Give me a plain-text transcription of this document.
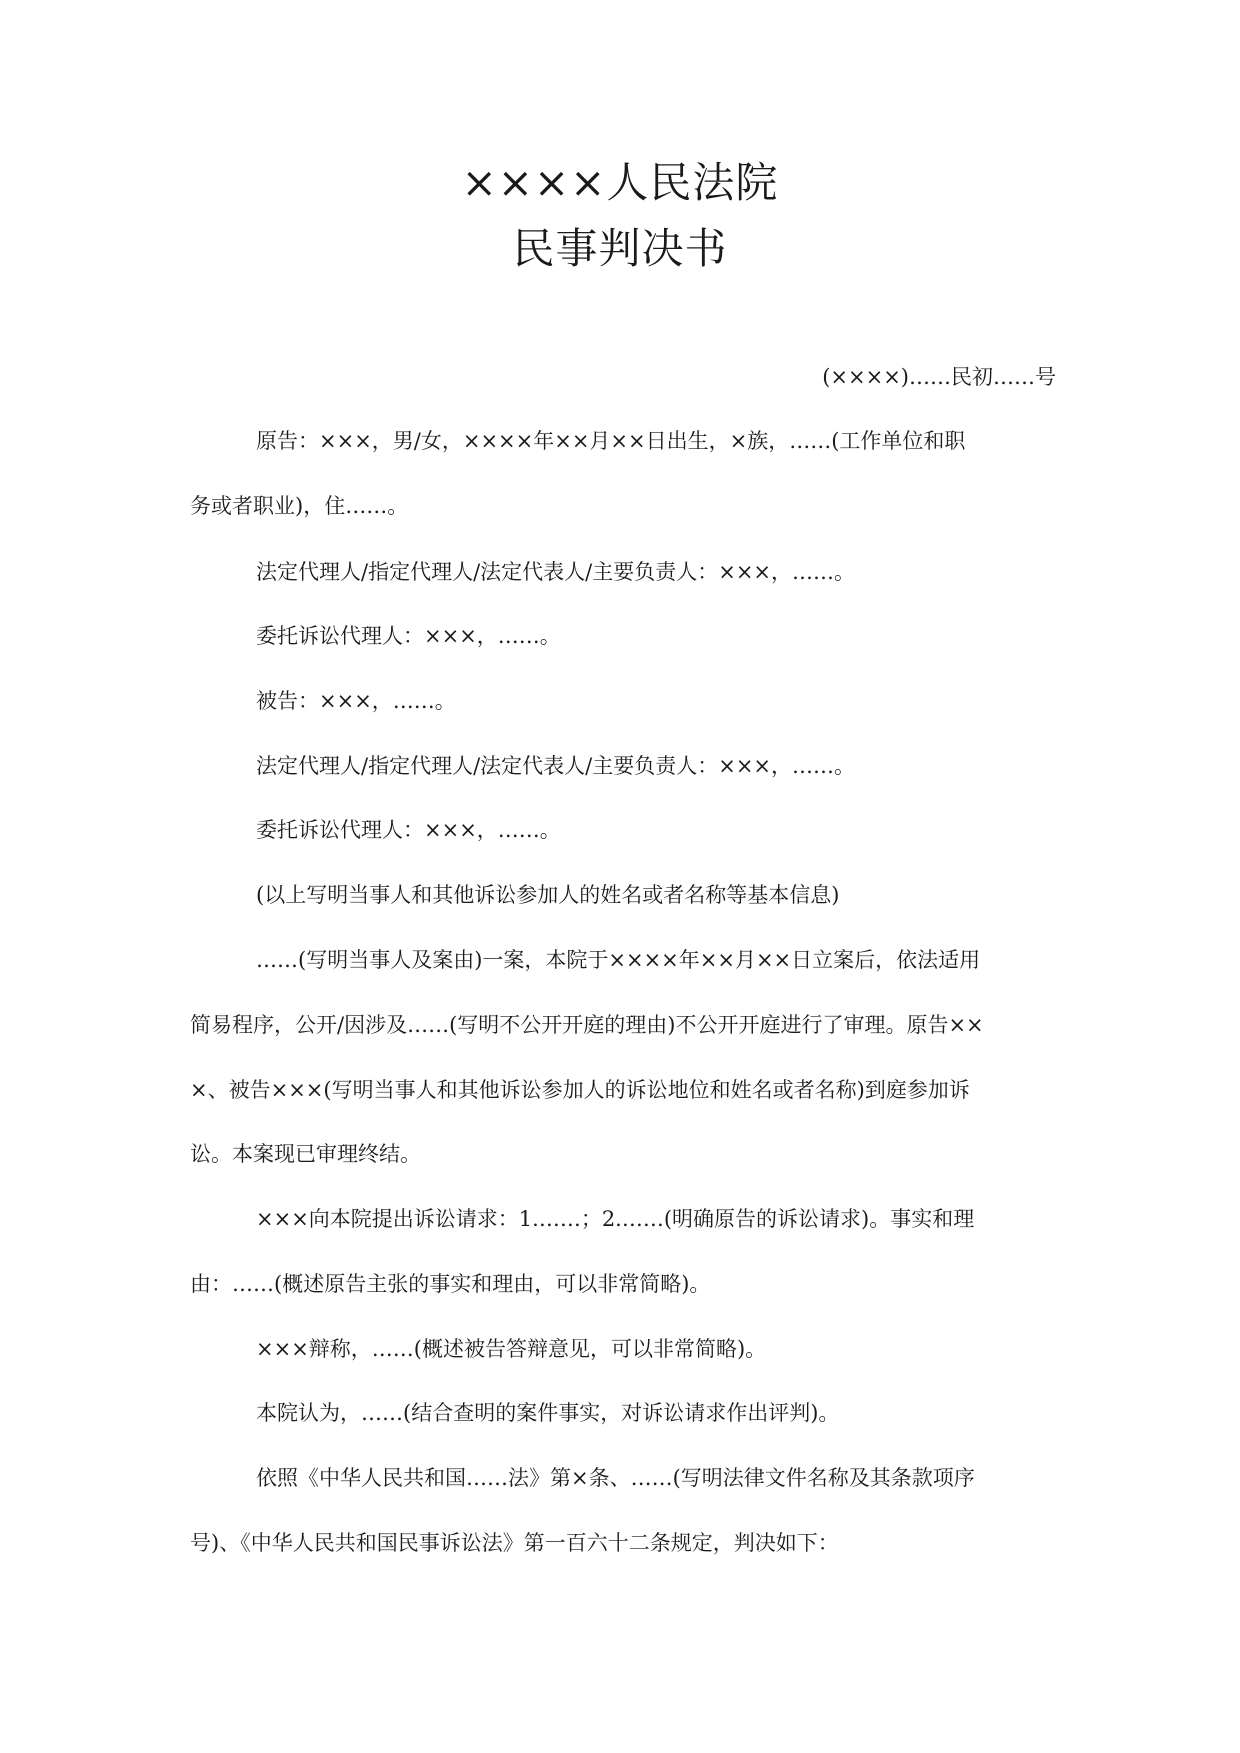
××××人民法院
民事判决书
(××××)……民初……号
原告：×××，男/女，××××年××月××日出生，×族，……(工作单位和职
务或者职业)，住……。
法定代理人/指定代理人/法定代表人/主要负责人：×××，……。
委托诉讼代理人：×××，……。
被告：×××，……。
法定代理人/指定代理人/法定代表人/主要负责人：×××，……。
委托诉讼代理人：×××，……。
(以上写明当事人和其他诉讼参加人的姓名或者名称等基本信息)
……(写明当事人及案由)一案，本院于××××年××月××日立案后，依法适用
简易程序，公开/因涉及……(写明不公开开庭的理由)不公开开庭进行了审理。原告××
×、被告×××(写明当事人和其他诉讼参加人的诉讼地位和姓名或者名称)到庭参加诉
讼。本案现已审理终结。
×××向本院提出诉讼请求：1.……；2.……(明确原告的诉讼请求)。事实和理
由：……(概述原告主张的事实和理由，可以非常简略)。
×××辩称，……(概述被告答辩意见，可以非常简略)。
本院认为，……(结合查明的案件事实，对诉讼请求作出评判)。
依照《中华人民共和国……法》第×条、……(写明法律文件名称及其条款项序
号)、《中华人民共和国民事诉讼法》第一百六十二条规定，判决如下：
